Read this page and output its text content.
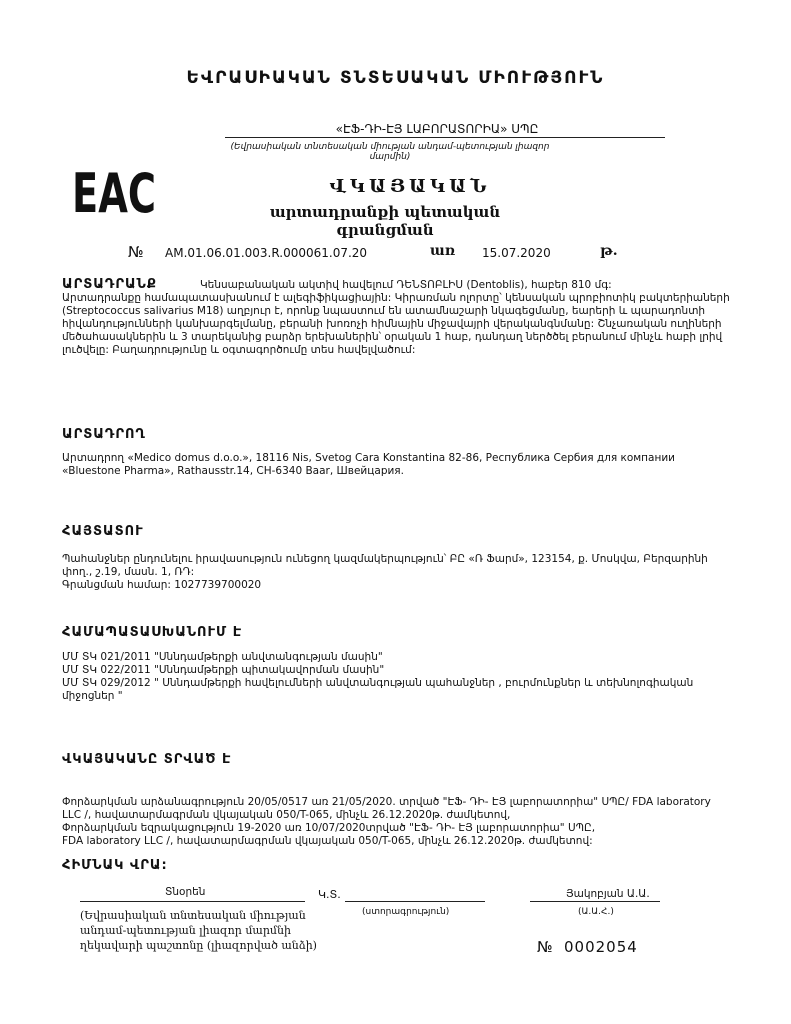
ԵՎՐԱՍԻԱԿԱՆ ՏՆՏԵՍԱԿԱՆ ՄԻՈՒԹՅՈՒՆ
«ԷՖ-ԴԻ-ԷՅ ԼԱԲՈՐԱՏՈՐԻԱ» ՍՊԸ
(Եվրասիական տնտեսական միության անդամ-պետության լիազոր մարմին)
ЕАС	ՎԿԱՅԱԿԱՆ
արտադրանքի պետական գրանցման
№ AM.01.06.01.003.R.000061.07.20	առ 15.07.2020	թ.
ԱՐՏԱԴՐԱՆՔ	Կենսաբանական ակտիվ հավելում ԴԵՆՏՈԲԼԻՍ (Dentoblis), հաբեր 810 մգ:
Արտադրանքը համապատասխանում է ալեգիֆիկացիային: Կիրառման ոլորտը՝ կենսական պրոբիոտիկ բակտերիաների
(Streptococcus salivarius M18) աղբյուր է, որոնք նպաստում են ատամնաշարի նկագեցմանը, եարերի և պարադոնտի
հիվանդությունների կանխարգելմանը, բերանի խոռոչի հիմնային միջավայրի վերականգնմանը: Շնչառական ուղիների
մեծահասակներին և 3 տարեկանից բարձր երեխաներին՝ օրական 1 հաբ, դանդաղ ներծծել բերանում մինչև հաբի լրիվ
լուծվելը: Բաղադրությունը և օգտագործումը տես հավելվածում:
ԱՐՏԱԴՐՈՂ
Արտադրող «Medico domus d.o.o.», 18116 Nis, Svetog Cara Konstantina 82-86, Республика Сербия для компании
«Bluestone Pharma», Rathausstr.14, CH-6340 Baar, Швейцария.
ՀԱՅՏԱՏՈՒ
Պահանջներ ընդունելու իրավասություն ունեցող կազմակերպություն՝ ԲԸ «Ռ Ֆարմ», 123154, ք. Մոսկվա, Բերզարինի
փող., շ.19, մասն. 1, ՌԴ:
Գրանցման համար: 1027739700020
ՀԱՄԱՊԱՏԱՍԽԱՆՈՒՄ Է
ՄՄ ՏԿ 021/2011 "Սննդամթերքի անվտանգության մասին"
ՄՄ ՏԿ 022/2011 "Սննդամթերքի պիտակավորման մասին"
ՄՄ ՏԿ 029/2012 " Սննդամթերքի հավելումների անվտանգության պահանջներ , բուրմունքներ և տեխնոլոգիական
միջոցներ "
ՎԿԱՅԱԿԱՆԸ ՏՐՎԱԾ Է
Փորձարկման արձանագրություն 20/05/0517 առ 21/05/2020. տրված "ԷՖ- ԴԻ- ԷՅ լաբորատորիա" ՍՊԸ/ FDA laboratory
LLC /, հավատարմագրման վկայական 050/T-065, մինչև 26.12.2020թ. ժամկետով,
Փորձարկման եզրակացություն 19-2020 առ 10/07/2020տրված "ԷՖ- ԴԻ- ԷՅ լաբորատորիա" ՍՊԸ,
FDA laboratory LLC /, հավատարմագրման վկայական 050/T-065, մինչև 26.12.2020թ. ժամկետով:
ՀԻՄՆԱԿ ՎՐԱ:
Տնօրեն	Կ.Տ.
(ստորագրություն)
Յակոբյան Ա.Ա.
(Ա.Ա.Հ.)
(Եվրասիական տնտեսական միության
անդամ-պետության լիազոր մարմնի
ղեկավարի պաշտոնը (լիազորված անձի)	№ 0002054
